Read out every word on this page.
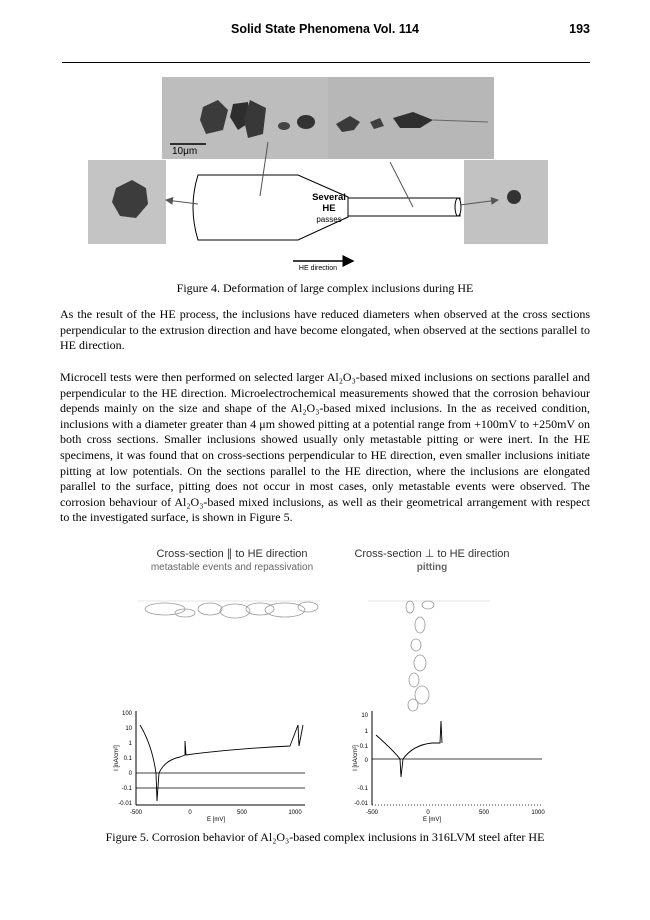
Solid State Phenomena Vol. 114	193
10μm
Several
HE
passes
HE direction
Figure 4. Deformation of large complex inclusions during HE

As the result of the HE process, the inclusions have reduced diameters when observed at the cross sections perpendicular to the extrusion direction and have become elongated, when observed at the sections parallel to HE direction.

Microcell tests were then performed on selected larger Al₂O₃-based mixed inclusions on sections parallel and perpendicular to the HE direction. Microelectrochemical measurements showed that the corrosion behaviour depends mainly on the size and shape of the Al₂O₃-based mixed inclusions. In the as received condition, inclusions with a diameter greater than 4 μm showed pitting at a potential range from +100mV to +250mV on both cross sections. Smaller inclusions showed usually only metastable pitting or were inert. In the HE specimens, it was found that on cross-sections perpendicular to HE direction, even smaller inclusions initiate pitting at low potentials. On the sections parallel to the HE direction, where the inclusions are elongated parallel to the surface, pitting does not occur in most cases, only metastable events were observed. The corrosion behaviour of Al₂O₃-based mixed inclusions, as well as their geometrical arrangement with respect to the investigated surface, is shown in Figure 5.

Cross-section ∥ to HE direction
metastable events and repassivation
Cross-section ⊥ to HE direction
pitting
100
10
1
0.1
0
-0.1
-0.01
-500	0	500	1000
E [mV]
I [nA/cm²]
10
1
0.1
0
-0.1
-0.01
-500	0	500	1000
E [mV]
I [nA/cm²]
Figure 5. Corrosion behavior of Al₂O₃-based complex inclusions in 316LVM steel after HE
